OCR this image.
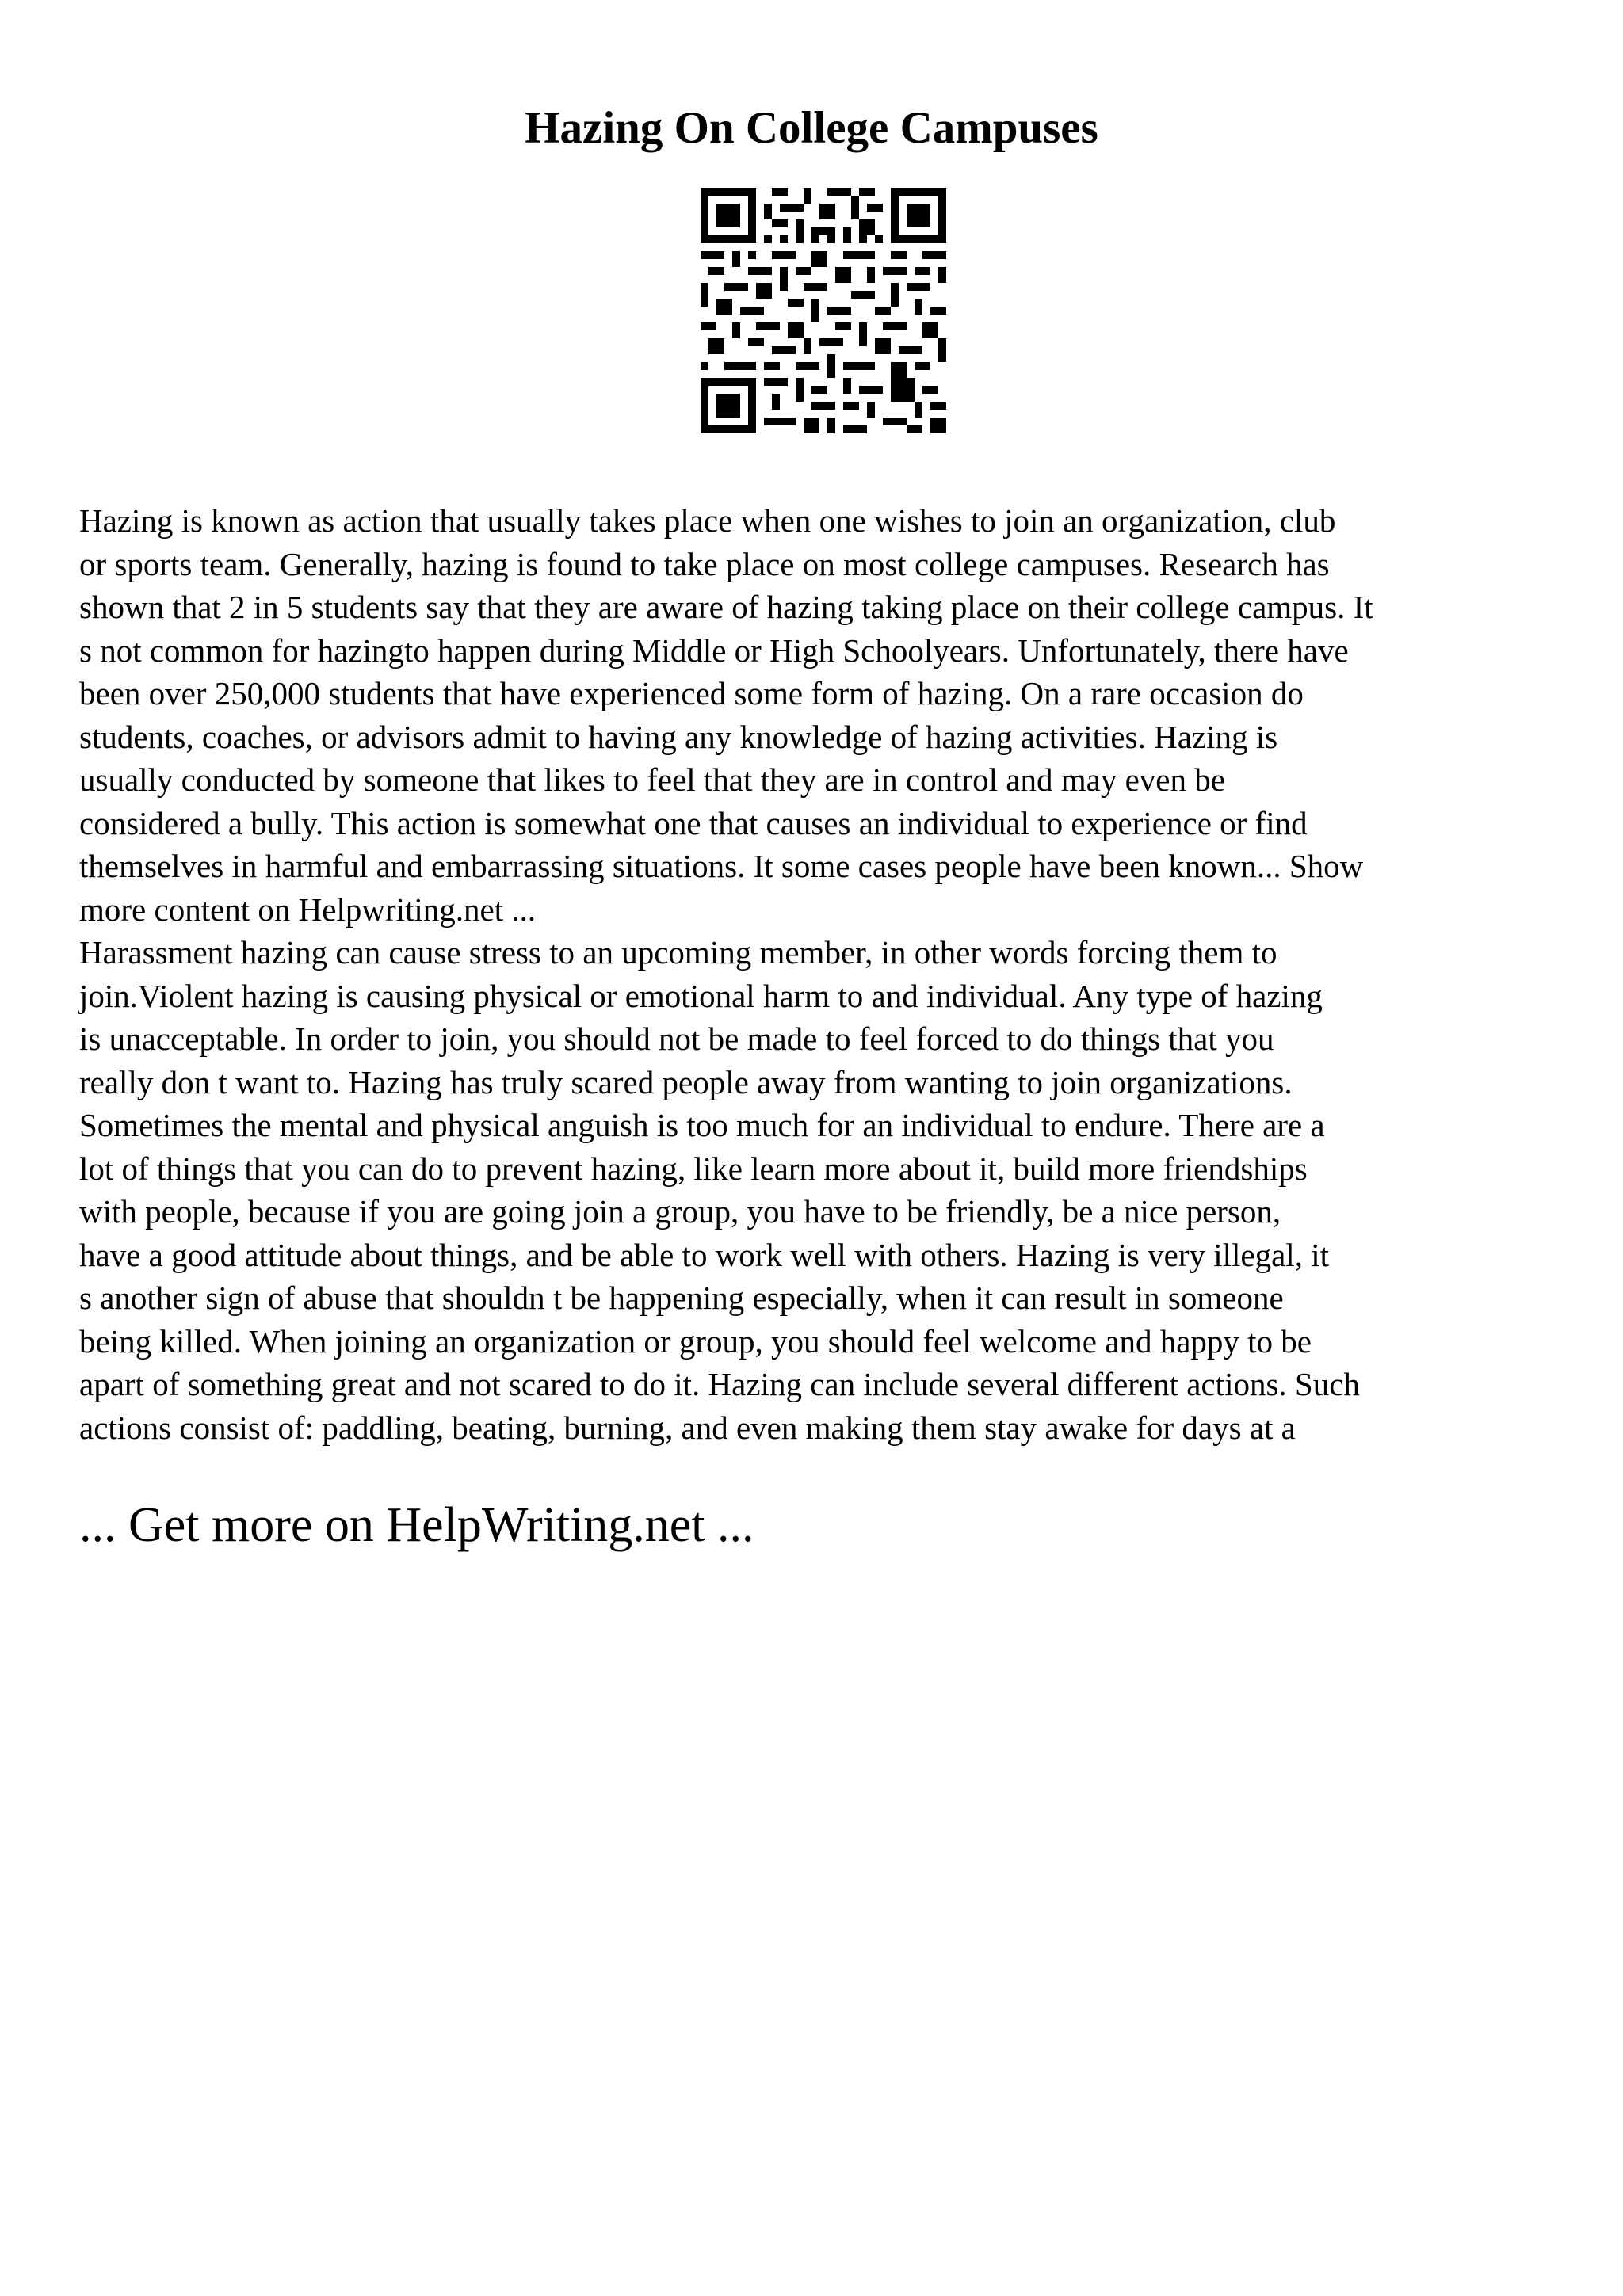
Hazing On College Campuses

Hazing is known as action that usually takes place when one wishes to join an organization, club
or sports team. Generally, hazing is found to take place on most college campuses. Research has
shown that 2 in 5 students say that they are aware of hazing taking place on their college campus. It
s not common for hazingto happen during Middle or High Schoolyears. Unfortunately, there have
been over 250,000 students that have experienced some form of hazing. On a rare occasion do
students, coaches, or advisors admit to having any knowledge of hazing activities. Hazing is
usually conducted by someone that likes to feel that they are in control and may even be
considered a bully. This action is somewhat one that causes an individual to experience or find
themselves in harmful and embarrassing situations. It some cases people have been known... Show
more content on Helpwriting.net ...

Harassment hazing can cause stress to an upcoming member, in other words forcing them to
join.Violent hazing is causing physical or emotional harm to and individual. Any type of hazing
is unacceptable. In order to join, you should not be made to feel forced to do things that you
really don t want to. Hazing has truly scared people away from wanting to join organizations.
Sometimes the mental and physical anguish is too much for an individual to endure. There are a
lot of things that you can do to prevent hazing, like learn more about it, build more friendships
with people, because if you are going join a group, you have to be friendly, be a nice person,
have a good attitude about things, and be able to work well with others. Hazing is very illegal, it
s another sign of abuse that shouldn t be happening especially, when it can result in someone
being killed. When joining an organization or group, you should feel welcome and happy to be
apart of something great and not scared to do it. Hazing can include several different actions. Such
actions consist of: paddling, beating, burning, and even making them stay awake for days at a

... Get more on HelpWriting.net ...
